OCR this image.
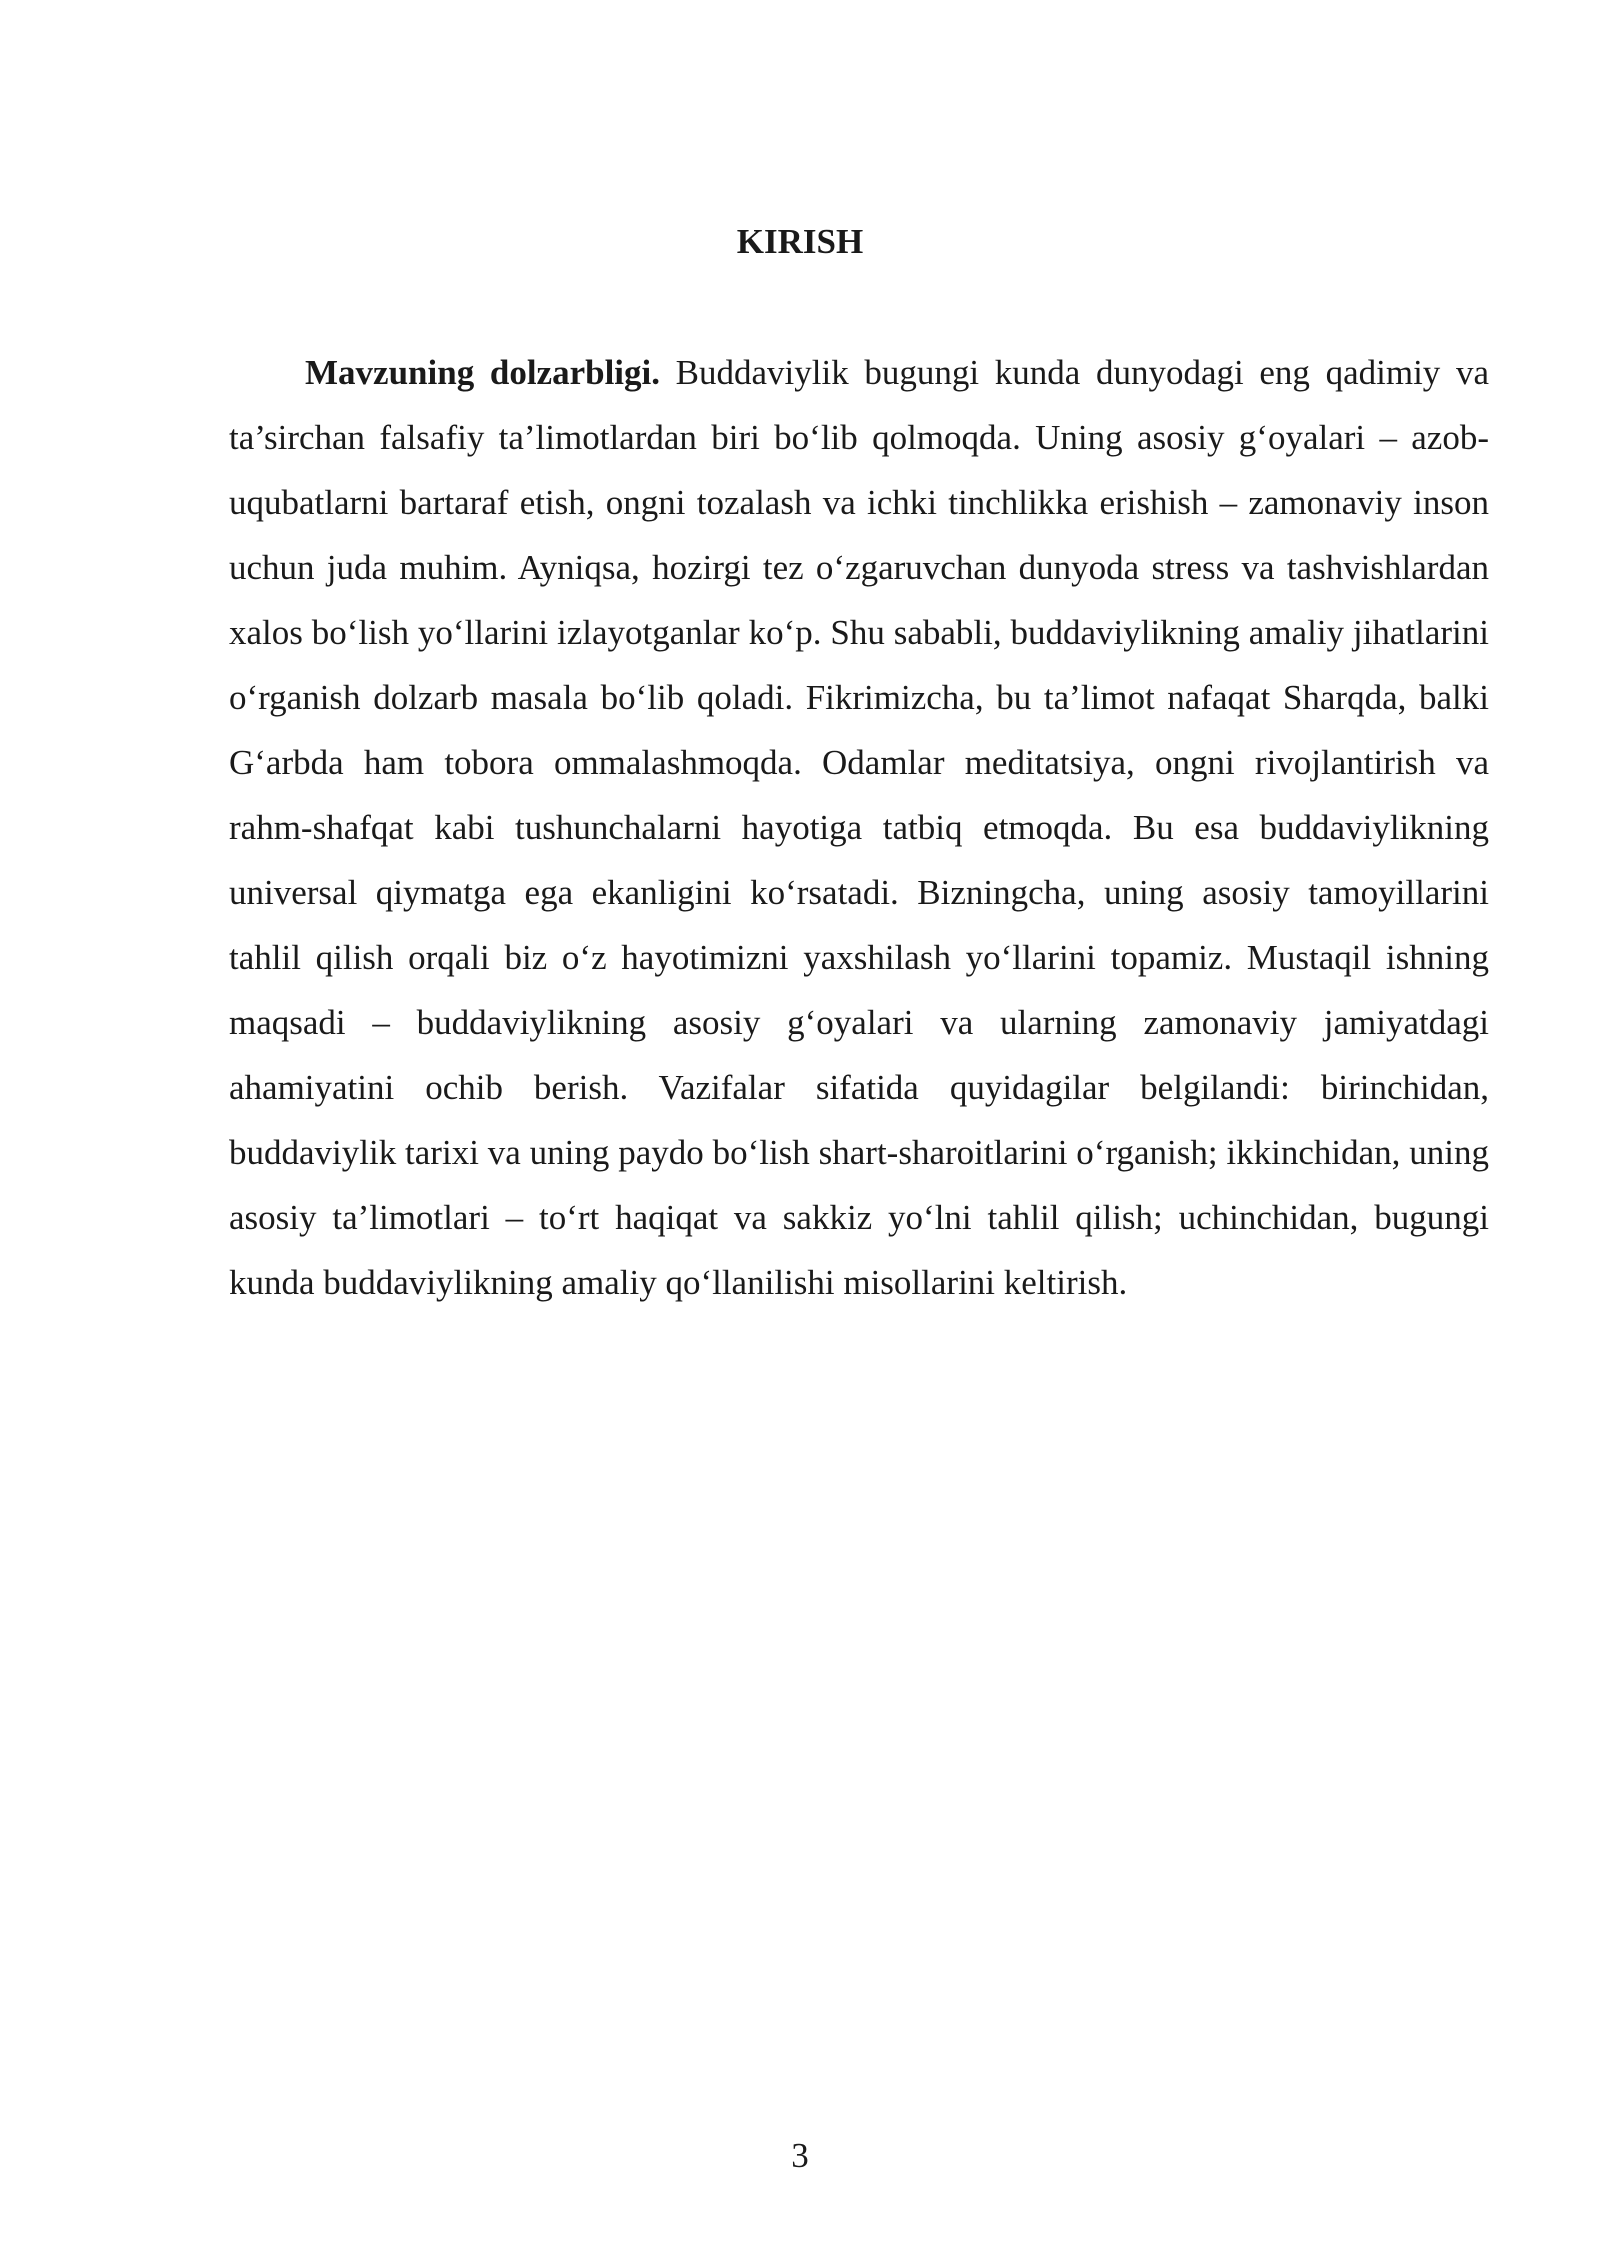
KIRISH

Mavzuning dolzarbligi. Buddaviylik bugungi kunda dunyodagi eng qadimiy va ta’sirchan falsafiy ta’limotlardan biri bo‘lib qolmoqda. Uning asosiy g‘oyalari – azob-uqubatlarni bartaraf etish, ongni tozalash va ichki tinchlikka erishish – zamonaviy inson uchun juda muhim. Ayniqsa, hozirgi tez o‘zgaruvchan dunyoda stress va tashvishlardan xalos bo‘lish yo‘llarini izlayotganlar ko‘p. Shu sababli, buddaviylikning amaliy jihatlarini o‘rganish dolzarb masala bo‘lib qoladi. Fikrimizcha, bu ta’limot nafaqat Sharqda, balki G‘arbda ham tobora ommalashmoqda. Odamlar meditatsiya, ongni rivojlantirish va rahm-shafqat kabi tushunchalarni hayotiga tatbiq etmoqda. Bu esa buddaviylikning universal qiymatga ega ekanligini ko‘rsatadi. Bizningcha, uning asosiy tamoyillarini tahlil qilish orqali biz o‘z hayotimizni yaxshilash yo‘llarini topamiz. Mustaqil ishning maqsadi – buddaviylikning asosiy g‘oyalari va ularning zamonaviy jamiyatdagi ahamiyatini ochib berish. Vazifalar sifatida quyidagilar belgilandi: birinchidan, buddaviylik tarixi va uning paydo bo‘lish shart-sharoitlarini o‘rganish; ikkinchidan, uning asosiy ta’limotlari – to‘rt haqiqat va sakkiz yo‘lni tahlil qilish; uchinchidan, bugungi kunda buddaviylikning amaliy qo‘llanilishi misollarini keltirish.

3
